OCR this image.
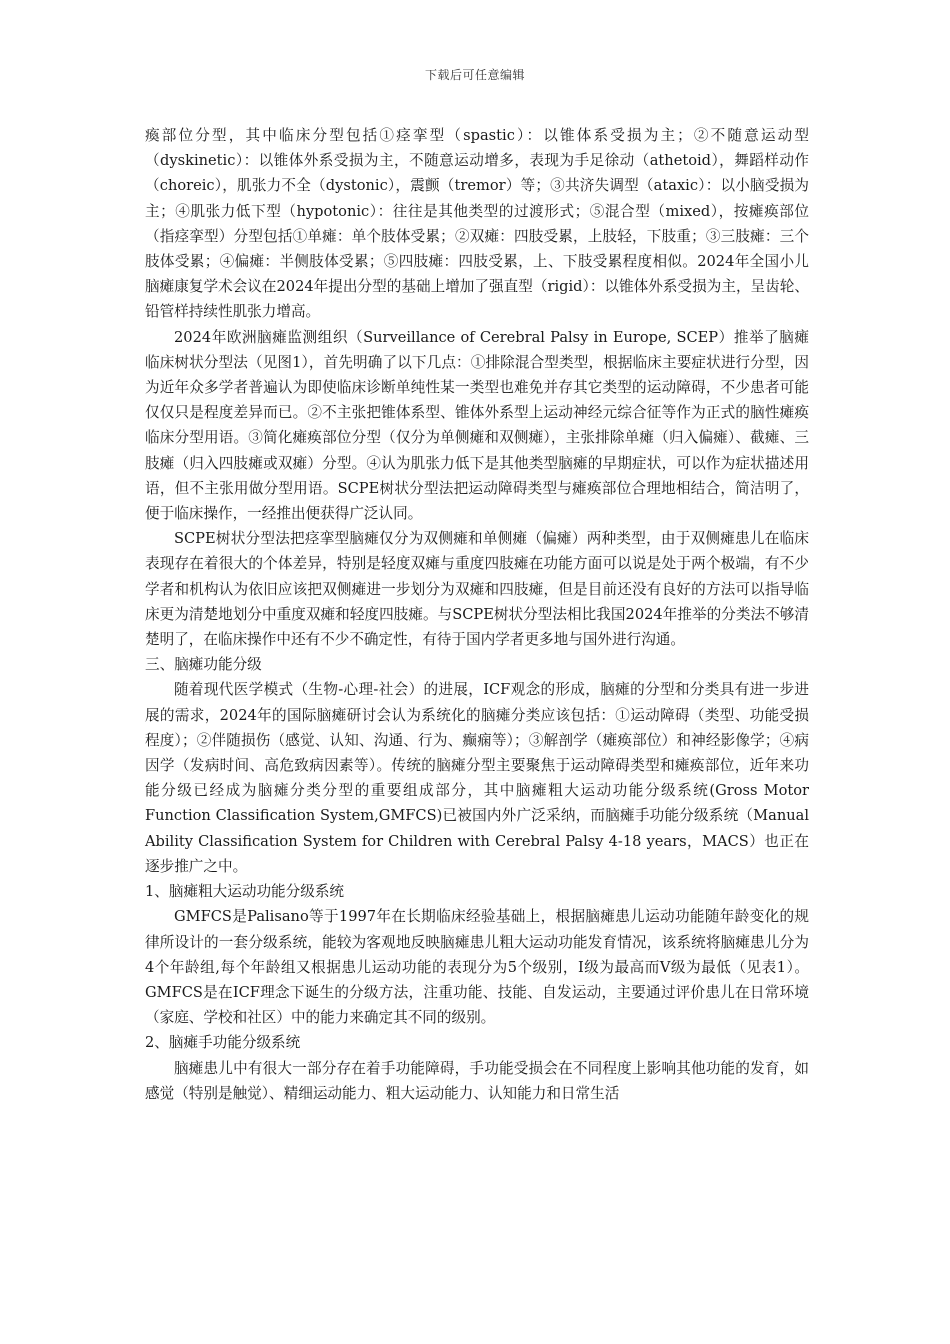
下载后可任意编辑

瘓部位分型，其中临床分型包括①痉挛型（spastic）：以锥体系受损为主；②不随意运动型（dyskinetic）：以锥体外系受损为主，不随意运动增多，表现为手足徐动（athetoid），舞蹈样动作（choreic），肌张力不全（dystonic），震颤（tremor）等；③共济失调型（ataxic）：以小脑受损为主；④肌张力低下型（hypotonic）：往往是其他类型的过渡形式；⑤混合型（mixed），按瘫痪部位（指痉挛型）分型包括①单瘫：单个肢体受累；②双瘫：四肢受累，上肢轻，下肢重；③三肢瘫：三个肢体受累；④偏瘫：半侧肢体受累；⑤四肢瘫：四肢受累，上、下肢受累程度相似。2024年全国小儿脑瘫康复学术会议在2024年提出分型的基础上增加了强直型（rigid）：以锥体外系受损为主，呈齿轮、铅管样持续性肌张力增高。

2024年欧洲脑瘫监测组织（Surveillance of Cerebral Palsy in Europe, SCEP）推举了脑瘫临床树状分型法（见图1），首先明确了以下几点：①排除混合型类型，根据临床主要症状进行分型，因为近年众多学者普遍认为即使临床诊断单纯性某一类型也难免并存其它类型的运动障碍，不少患者可能仅仅只是程度差异而已。②不主张把锥体系型、锥体外系型上运动神经元综合征等作为正式的脑性瘫痪临床分型用语。③简化瘫痪部位分型（仅分为单侧瘫和双侧瘫），主张排除单瘫（归入偏瘫）、截瘫、三肢瘫（归入四肢瘫或双瘫）分型。④认为肌张力低下是其他类型脑瘫的早期症状，可以作为症状描述用语，但不主张用做分型用语。SCPE树状分型法把运动障碍类型与瘫痪部位合理地相结合，简洁明了，便于临床操作，一经推出便获得广泛认同。

SCPE树状分型法把痉挛型脑瘫仅分为双侧瘫和单侧瘫（偏瘫）两种类型，由于双侧瘫患儿在临床表现存在着很大的个体差异，特别是轻度双瘫与重度四肢瘫在功能方面可以说是处于两个极端，有不少学者和机构认为依旧应该把双侧瘫进一步划分为双瘫和四肢瘫，但是目前还没有良好的方法可以指导临床更为清楚地划分中重度双瘫和轻度四肢瘫。与SCPE树状分型法相比我国2024年推举的分类法不够清楚明了，在临床操作中还有不少不确定性，有待于国内学者更多地与国外进行沟通。

三、脑瘫功能分级

随着现代医学模式（生物-心理-社会）的进展，ICF观念的形成，脑瘫的分型和分类具有进一步进展的需求，2024年的国际脑瘫研讨会认为系统化的脑瘫分类应该包括：①运动障碍（类型、功能受损程度）；②伴随损伤（感觉、认知、沟通、行为、癫痫等）；③解剖学（瘫痪部位）和神经影像学；④病因学（发病时间、高危致病因素等）。传统的脑瘫分型主要聚焦于运动障碍类型和瘫痪部位，近年来功能分级已经成为脑瘫分类分型的重要组成部分，其中脑瘫粗大运动功能分级系统(Gross Motor Function Classification System,GMFCS)已被国内外广泛采纳，而脑瘫手功能分级系统（Manual Ability Classification System for Children with Cerebral Palsy 4-18 years，MACS）也正在逐步推广之中。

1、脑瘫粗大运动功能分级系统

GMFCS是Palisano等于1997年在长期临床经验基础上，根据脑瘫患儿运动功能随年龄变化的规律所设计的一套分级系统，能较为客观地反映脑瘫患儿粗大运动功能发育情况，该系统将脑瘫患儿分为4个年龄组,每个年龄组又根据患儿运动功能的表现分为5个级别，Ⅰ级为最高而Ⅴ级为最低（见表1）。GMFCS是在ICF理念下诞生的分级方法，注重功能、技能、自发运动，主要通过评价患儿在日常环境（家庭、学校和社区）中的能力来确定其不同的级别。

2、脑瘫手功能分级系统

脑瘫患儿中有很大一部分存在着手功能障碍，手功能受损会在不同程度上影响其他功能的发育，如感觉（特别是触觉）、精细运动能力、粗大运动能力、认知能力和日常生活
